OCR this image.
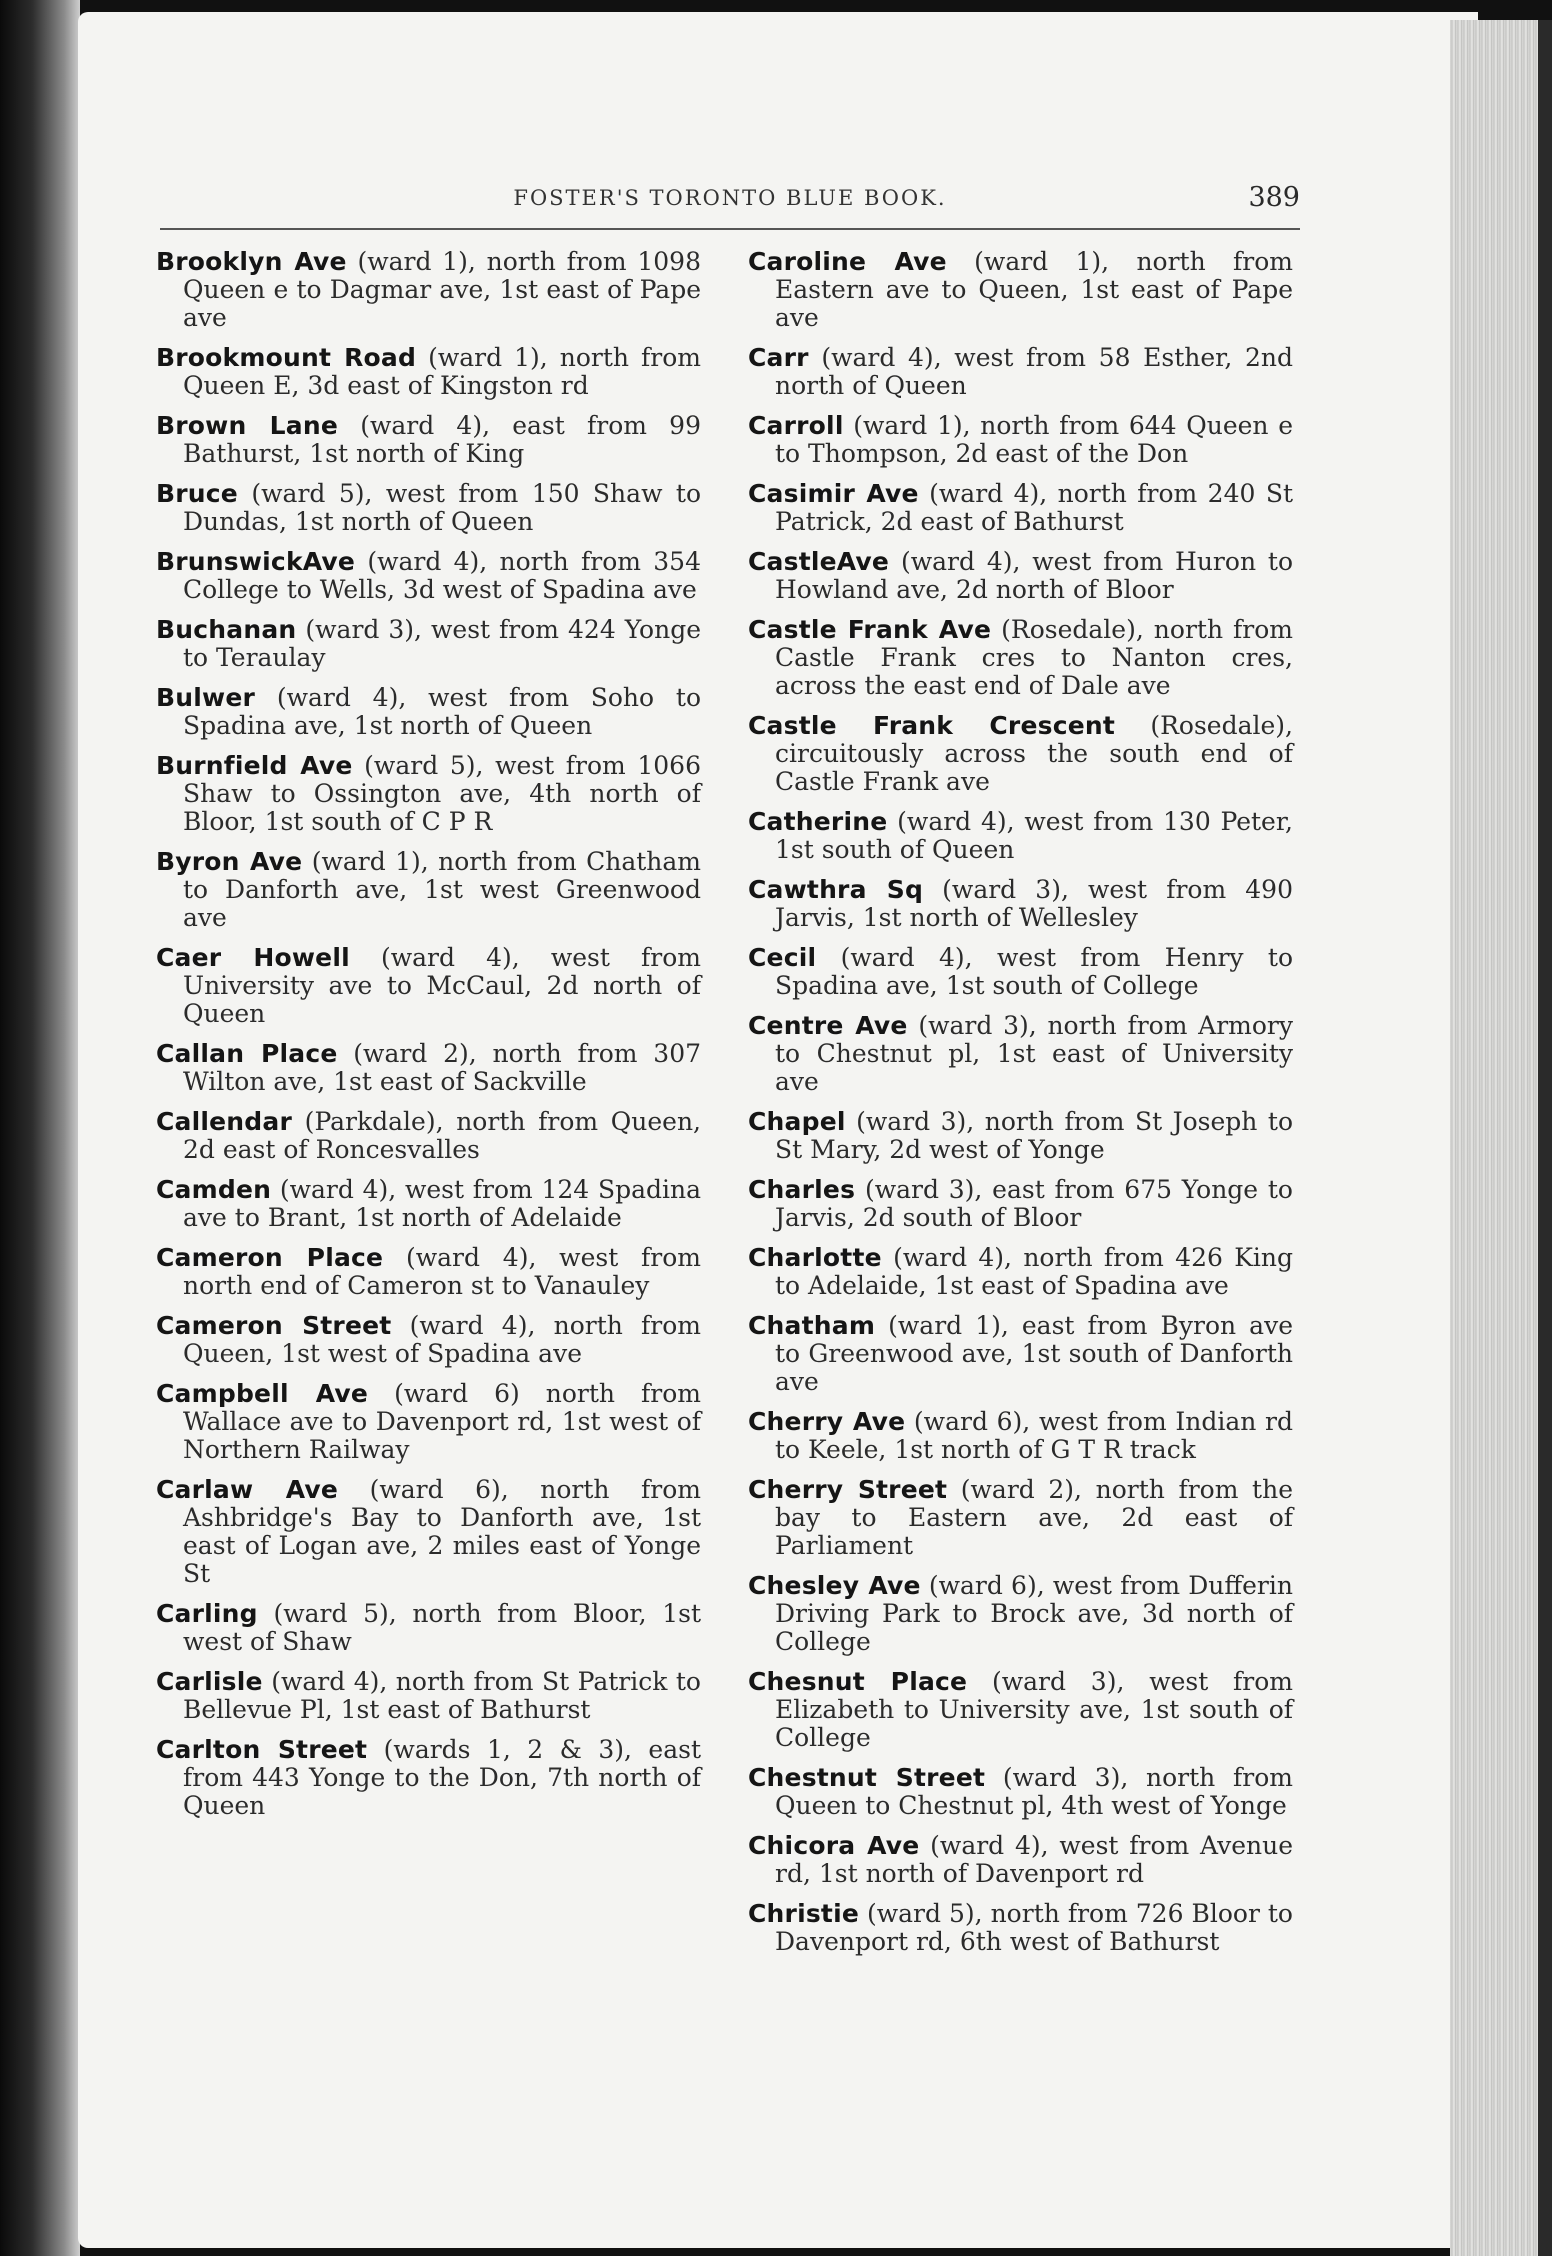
FOSTER'S TORONTO BLUE BOOK.	389

Brooklyn Ave (ward 1), north from 1098 Queen e to Dagmar ave, 1st east of Pape ave

Brookmount Road (ward 1), north from Queen E, 3d east of Kingston rd

Brown Lane (ward 4), east from 99 Bathurst, 1st north of King

Bruce (ward 5), west from 150 Shaw to Dundas, 1st north of Queen

BrunswickAve (ward 4), north from 354 College to Wells, 3d west of Spadina ave

Buchanan (ward 3), west from 424 Yonge to Teraulay

Bulwer (ward 4), west from Soho to Spadina ave, 1st north of Queen

Burnfield Ave (ward 5), west from 1066 Shaw to Ossington ave, 4th north of Bloor, 1st south of C P R

Byron Ave (ward 1), north from Chatham to Danforth ave, 1st west Greenwood ave

Caer Howell (ward 4), west from University ave to McCaul, 2d north of Queen

Callan Place (ward 2), north from 307 Wilton ave, 1st east of Sackville

Callendar (Parkdale), north from Queen, 2d east of Roncesvalles

Camden (ward 4), west from 124 Spadina ave to Brant, 1st north of Adelaide

Cameron Place (ward 4), west from north end of Cameron st to Vanauley

Cameron Street (ward 4), north from Queen, 1st west of Spadina ave

Campbell Ave (ward 6) north from Wallace ave to Davenport rd, 1st west of Northern Railway

Carlaw Ave (ward 6), north from Ashbridge's Bay to Danforth ave, 1st east of Logan ave, 2 miles east of Yonge St

Carling (ward 5), north from Bloor, 1st west of Shaw

Carlisle (ward 4), north from St Patrick to Bellevue Pl, 1st east of Bathurst

Carlton Street (wards 1, 2 & 3), east from 443 Yonge to the Don, 7th north of Queen

Caroline Ave (ward 1), north from Eastern ave to Queen, 1st east of Pape ave

Carr (ward 4), west from 58 Esther, 2nd north of Queen

Carroll (ward 1), north from 644 Queen e to Thompson, 2d east of the Don

Casimir Ave (ward 4), north from 240 St Patrick, 2d east of Bathurst

CastleAve (ward 4), west from Huron to Howland ave, 2d north of Bloor

Castle Frank Ave (Rosedale), north from Castle Frank cres to Nanton cres, across the east end of Dale ave

Castle Frank Crescent (Rosedale), circuitously across the south end of Castle Frank ave

Catherine (ward 4), west from 130 Peter, 1st south of Queen

Cawthra Sq (ward 3), west from 490 Jarvis, 1st north of Wellesley

Cecil (ward 4), west from Henry to Spadina ave, 1st south of College

Centre Ave (ward 3), north from Armory to Chestnut pl, 1st east of University ave

Chapel (ward 3), north from St Joseph to St Mary, 2d west of Yonge

Charles (ward 3), east from 675 Yonge to Jarvis, 2d south of Bloor

Charlotte (ward 4), north from 426 King to Adelaide, 1st east of Spadina ave

Chatham (ward 1), east from Byron ave to Greenwood ave, 1st south of Danforth ave

Cherry Ave (ward 6), west from Indian rd to Keele, 1st north of G T R track

Cherry Street (ward 2), north from the bay to Eastern ave, 2d east of Parliament

Chesley Ave (ward 6), west from Dufferin Driving Park to Brock ave, 3d north of College

Chesnut Place (ward 3), west from Elizabeth to University ave, 1st south of College

Chestnut Street (ward 3), north from Queen to Chestnut pl, 4th west of Yonge

Chicora Ave (ward 4), west from Avenue rd, 1st north of Davenport rd

Christie (ward 5), north from 726 Bloor to Davenport rd, 6th west of Bathurst
